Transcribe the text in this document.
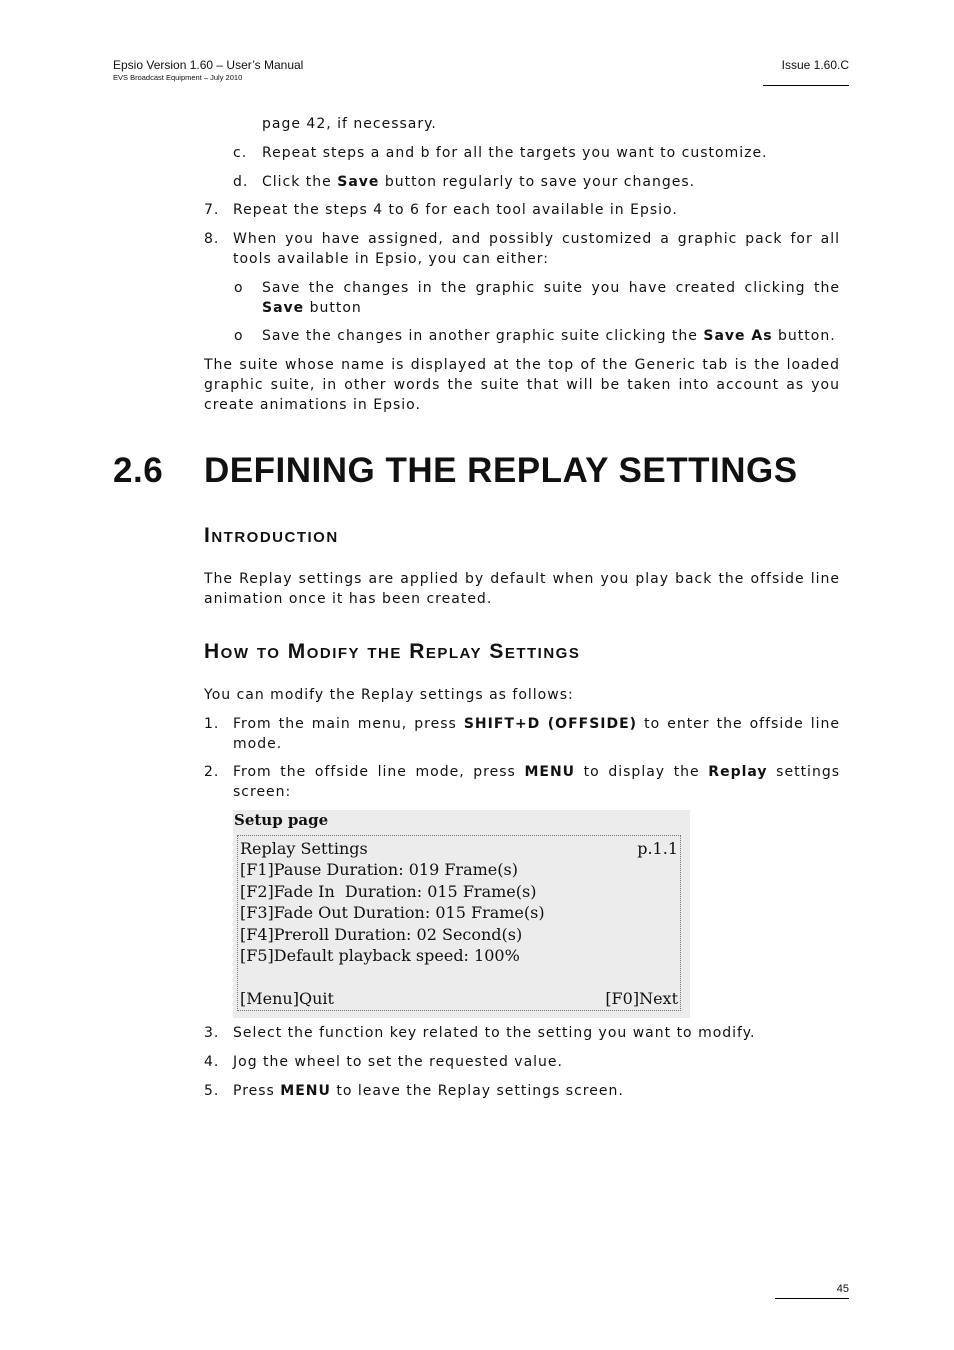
Epsio Version 1.60 – User’s Manual
EVS Broadcast Equipment – July 2010
Issue 1.60.C
page 42, if necessary.
c. Repeat steps a and b for all the targets you want to customize.
d. Click the Save button regularly to save your changes.
7. Repeat the steps 4 to 6 for each tool available in Epsio.
8. When you have assigned, and possibly customized a graphic pack for all tools available in Epsio, you can either:
o Save the changes in the graphic suite you have created clicking the Save button
o Save the changes in another graphic suite clicking the Save As button.
The suite whose name is displayed at the top of the Generic tab is the loaded graphic suite, in other words the suite that will be taken into account as you create animations in Epsio.
2.6 DEFINING THE REPLAY SETTINGS
Introduction
The Replay settings are applied by default when you play back the offside line animation once it has been created.
How to Modify the Replay Settings
You can modify the Replay settings as follows:
1. From the main menu, press SHIFT+D (OFFSIDE) to enter the offside line mode.
2. From the offside line mode, press MENU to display the Replay settings screen:
Setup page
Replay Settings	p.1.1
[F1]Pause Duration: 019 Frame(s)
[F2]Fade In  Duration: 015 Frame(s)
[F3]Fade Out Duration: 015 Frame(s)
[F4]Preroll Duration: 02 Second(s)
[F5]Default playback speed: 100%
[Menu]Quit	[F0]Next
3. Select the function key related to the setting you want to modify.
4. Jog the wheel to set the requested value.
5. Press MENU to leave the Replay settings screen.
45
